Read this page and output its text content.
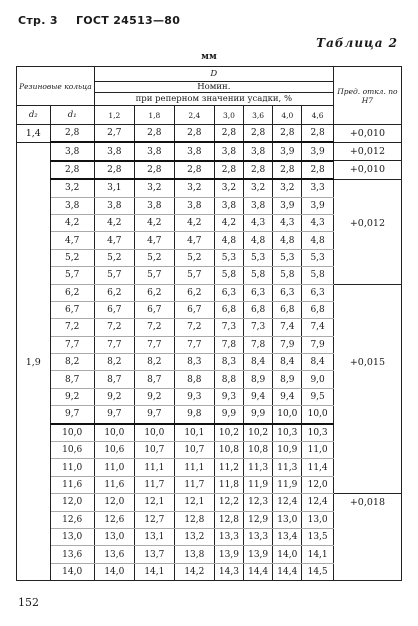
Стр. 3 ГОСТ 24513—80
Таблица 2
мм
Резиновые кольца		D							Пред. откл. по Н7
		Номин.							
		при реперном значении усадки, %							
d₂	d₁	1,2	1,8	2,4	3,0	3,6	4,0	4,6	
1,4	2,8	2,7	2,8	2,8	2,8	2,8	2,8	2,8	+0,010
	3,8	3,8	3,8	3,8	3,8	3,8	3,9	3,9	+0,012
	2,8	2,8	2,8	2,8	2,8	2,8	2,8	2,8	+0,010
	3,2	3,1	3,2	3,2	3,2	3,2	3,2	3,3	
	3,8	3,8	3,8	3,8	3,8	3,8	3,9	3,9	
	4,2	4,2	4,2	4,2	4,2	4,3	4,3	4,3	+0,012
	4,7	4,7	4,7	4,7	4,8	4,8	4,8	4,8	
	5,2	5,2	5,2	5,2	5,3	5,3	5,3	5,3	
	5,7	5,7	5,7	5,7	5,8	5,8	5,8	5,8	
	6,2	6,2	6,2	6,2	6,3	6,3	6,3	6,3	
	6,7	6,7	6,7	6,7	6,8	6,8	6,8	6,8	
	7,2	7,2	7,2	7,2	7,3	7,3	7,4	7,4	
	7,7	7,7	7,7	7,7	7,8	7,8	7,9	7,9	
1,9	8,2	8,2	8,2	8,3	8,3	8,4	8,4	8,4	+0,015
	8,7	8,7	8,7	8,8	8,8	8,9	8,9	9,0	
	9,2	9,2	9,2	9,3	9,3	9,4	9,4	9,5	
	9,7	9,7	9,7	9,8	9,9	9,9	10,0	10,0	
	10,0	10,0	10,0	10,1	10,2	10,2	10,3	10,3	
	10,6	10,6	10,7	10,7	10,8	10,8	10,9	11,0	
	11,0	11,0	11,1	11,1	11,2	11,3	11,3	11,4	
	11,6	11,6	11,7	11,7	11,8	11,9	11,9	12,0	
	12,0	12,0	12,1	12,1	12,2	12,3	12,4	12,4	+0,018
	12,6	12,6	12,7	12,8	12,8	12,9	13,0	13,0	
	13,0	13,0	13,1	13,2	13,3	13,3	13,4	13,5	
	13,6	13,6	13,7	13,8	13,9	13,9	14,0	14,1	
	14,0	14,0	14,1	14,2	14,3	14,4	14,4	14,5	
152
